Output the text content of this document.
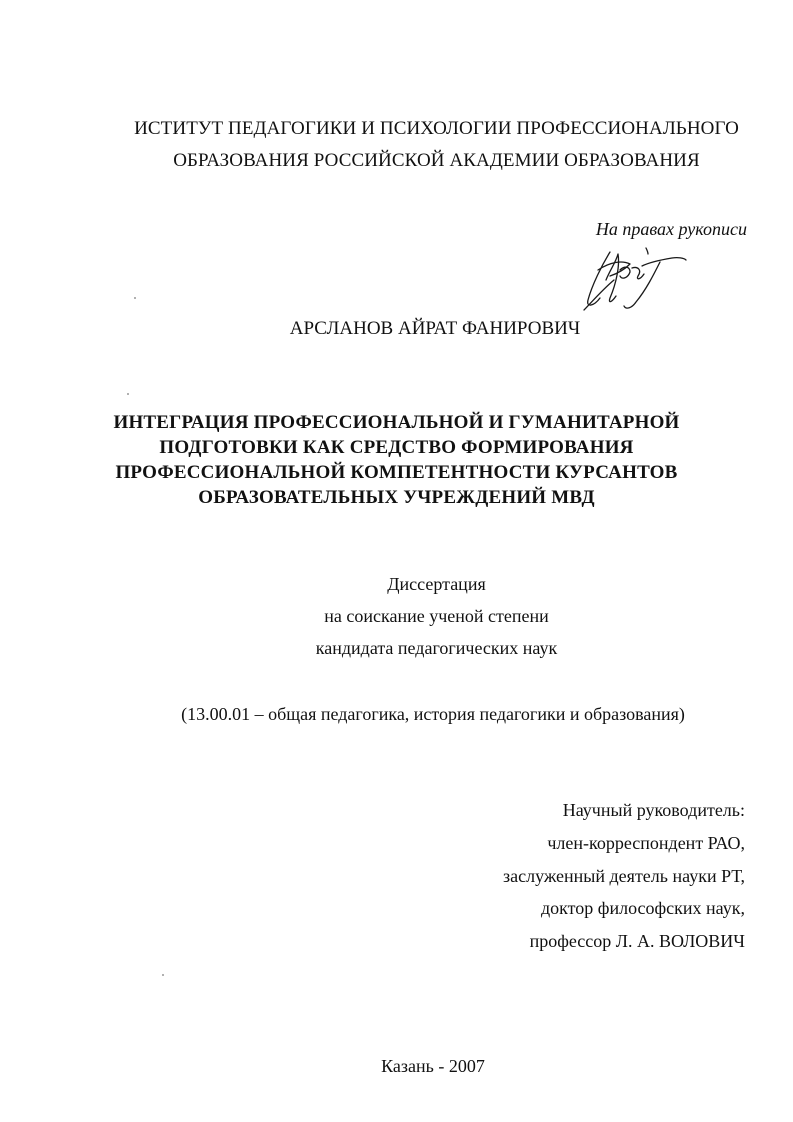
ИСТИТУТ ПЕДАГОГИКИ И ПСИХОЛОГИИ ПРОФЕССИОНАЛЬНОГО
ОБРАЗОВАНИЯ РОССИЙСКОЙ АКАДЕМИИ ОБРАЗОВАНИЯ
На правах рукописи
АРСЛАНОВ АЙРАТ ФАНИРОВИЧ
ИНТЕГРАЦИЯ ПРОФЕССИОНАЛЬНОЙ И ГУМАНИТАРНОЙ
ПОДГОТОВКИ КАК СРЕДСТВО ФОРМИРОВАНИЯ
ПРОФЕССИОНАЛЬНОЙ КОМПЕТЕНТНОСТИ КУРСАНТОВ
ОБРАЗОВАТЕЛЬНЫХ УЧРЕЖДЕНИЙ МВД
Диссертация
на соискание ученой степени
кандидата педагогических наук
(13.00.01 – общая педагогика, история педагогики и образования)
Научный руководитель:
член-корреспондент РАО,
заслуженный деятель науки РТ,
доктор философских наук,
профессор Л. А. ВОЛОВИЧ
Казань - 2007
